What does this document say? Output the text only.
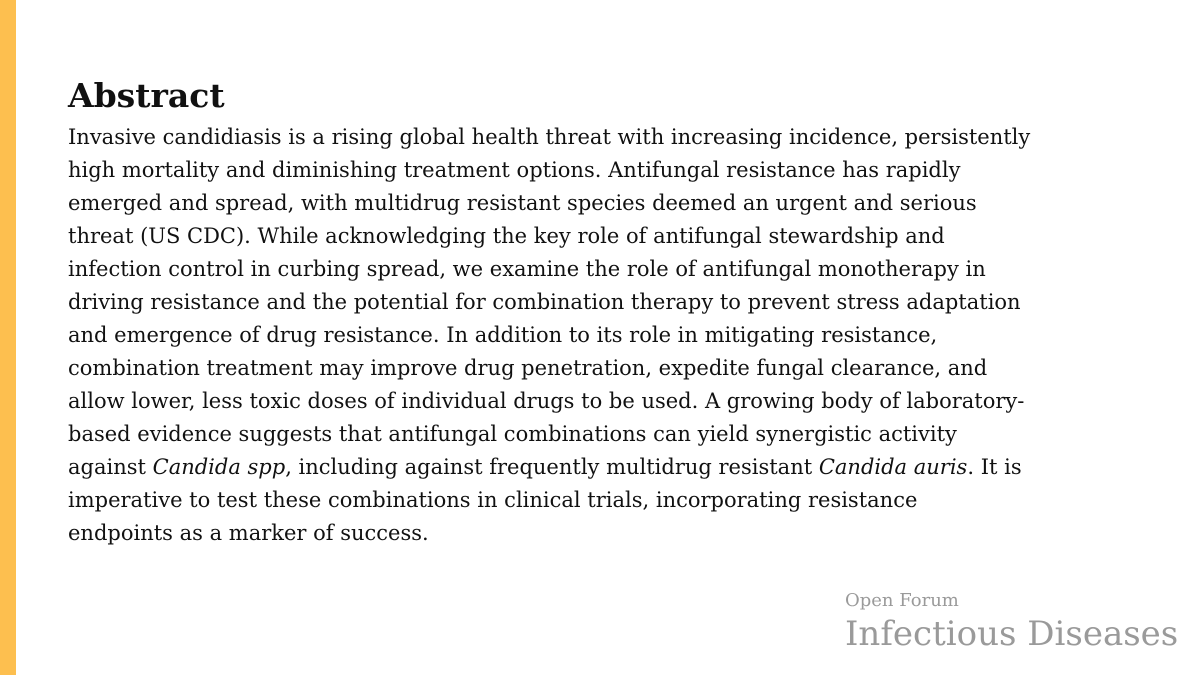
Abstract
Invasive candidiasis is a rising global health threat with increasing incidence, persistently
high mortality and diminishing treatment options. Antifungal resistance has rapidly
emerged and spread, with multidrug resistant species deemed an urgent and serious
threat (US CDC). While acknowledging the key role of antifungal stewardship and
infection control in curbing spread, we examine the role of antifungal monotherapy in
driving resistance and the potential for combination therapy to prevent stress adaptation
and emergence of drug resistance. In addition to its role in mitigating resistance,
combination treatment may improve drug penetration, expedite fungal clearance, and
allow lower, less toxic doses of individual drugs to be used. A growing body of laboratory-
based evidence suggests that antifungal combinations can yield synergistic activity
against Candida spp, including against frequently multidrug resistant Candida auris. It is
imperative to test these combinations in clinical trials, incorporating resistance
endpoints as a marker of success.
Open Forum
Infectious Diseases
